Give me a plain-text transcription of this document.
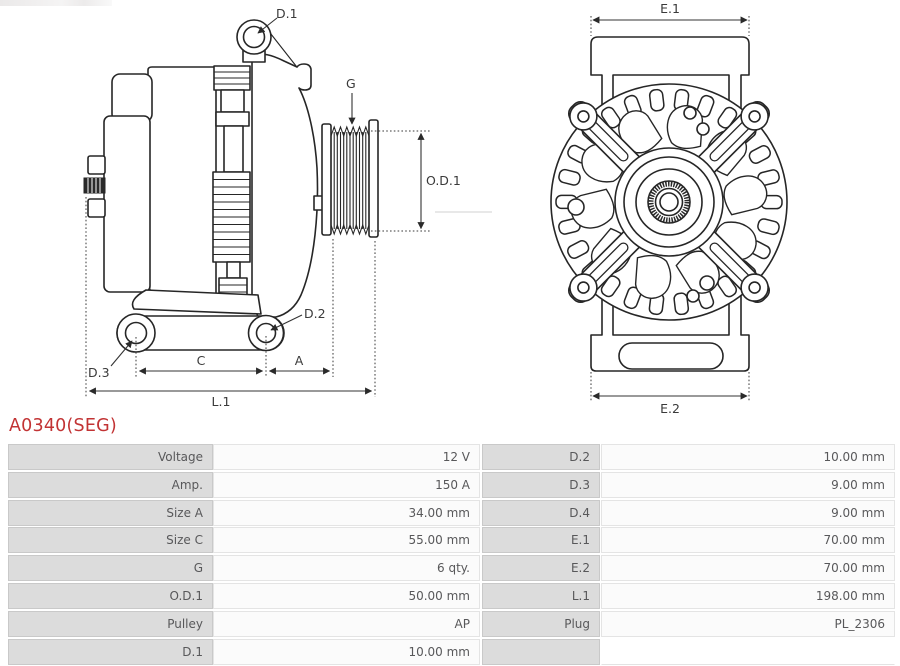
D.1
G
O.D.1
C	A
L.1
D.2
D.3
E.1
E.2
A0340(SEG)
Voltage	12 V	D.2	10.00 mm
Amp.	150 A	D.3	9.00 mm
Size A	34.00 mm	D.4	9.00 mm
Size C	55.00 mm	E.1	70.00 mm
G	6 qty.	E.2	70.00 mm
O.D.1	50.00 mm	L.1	198.00 mm
Pulley	AP	Plug	PL_2306
D.1	10.00 mm
